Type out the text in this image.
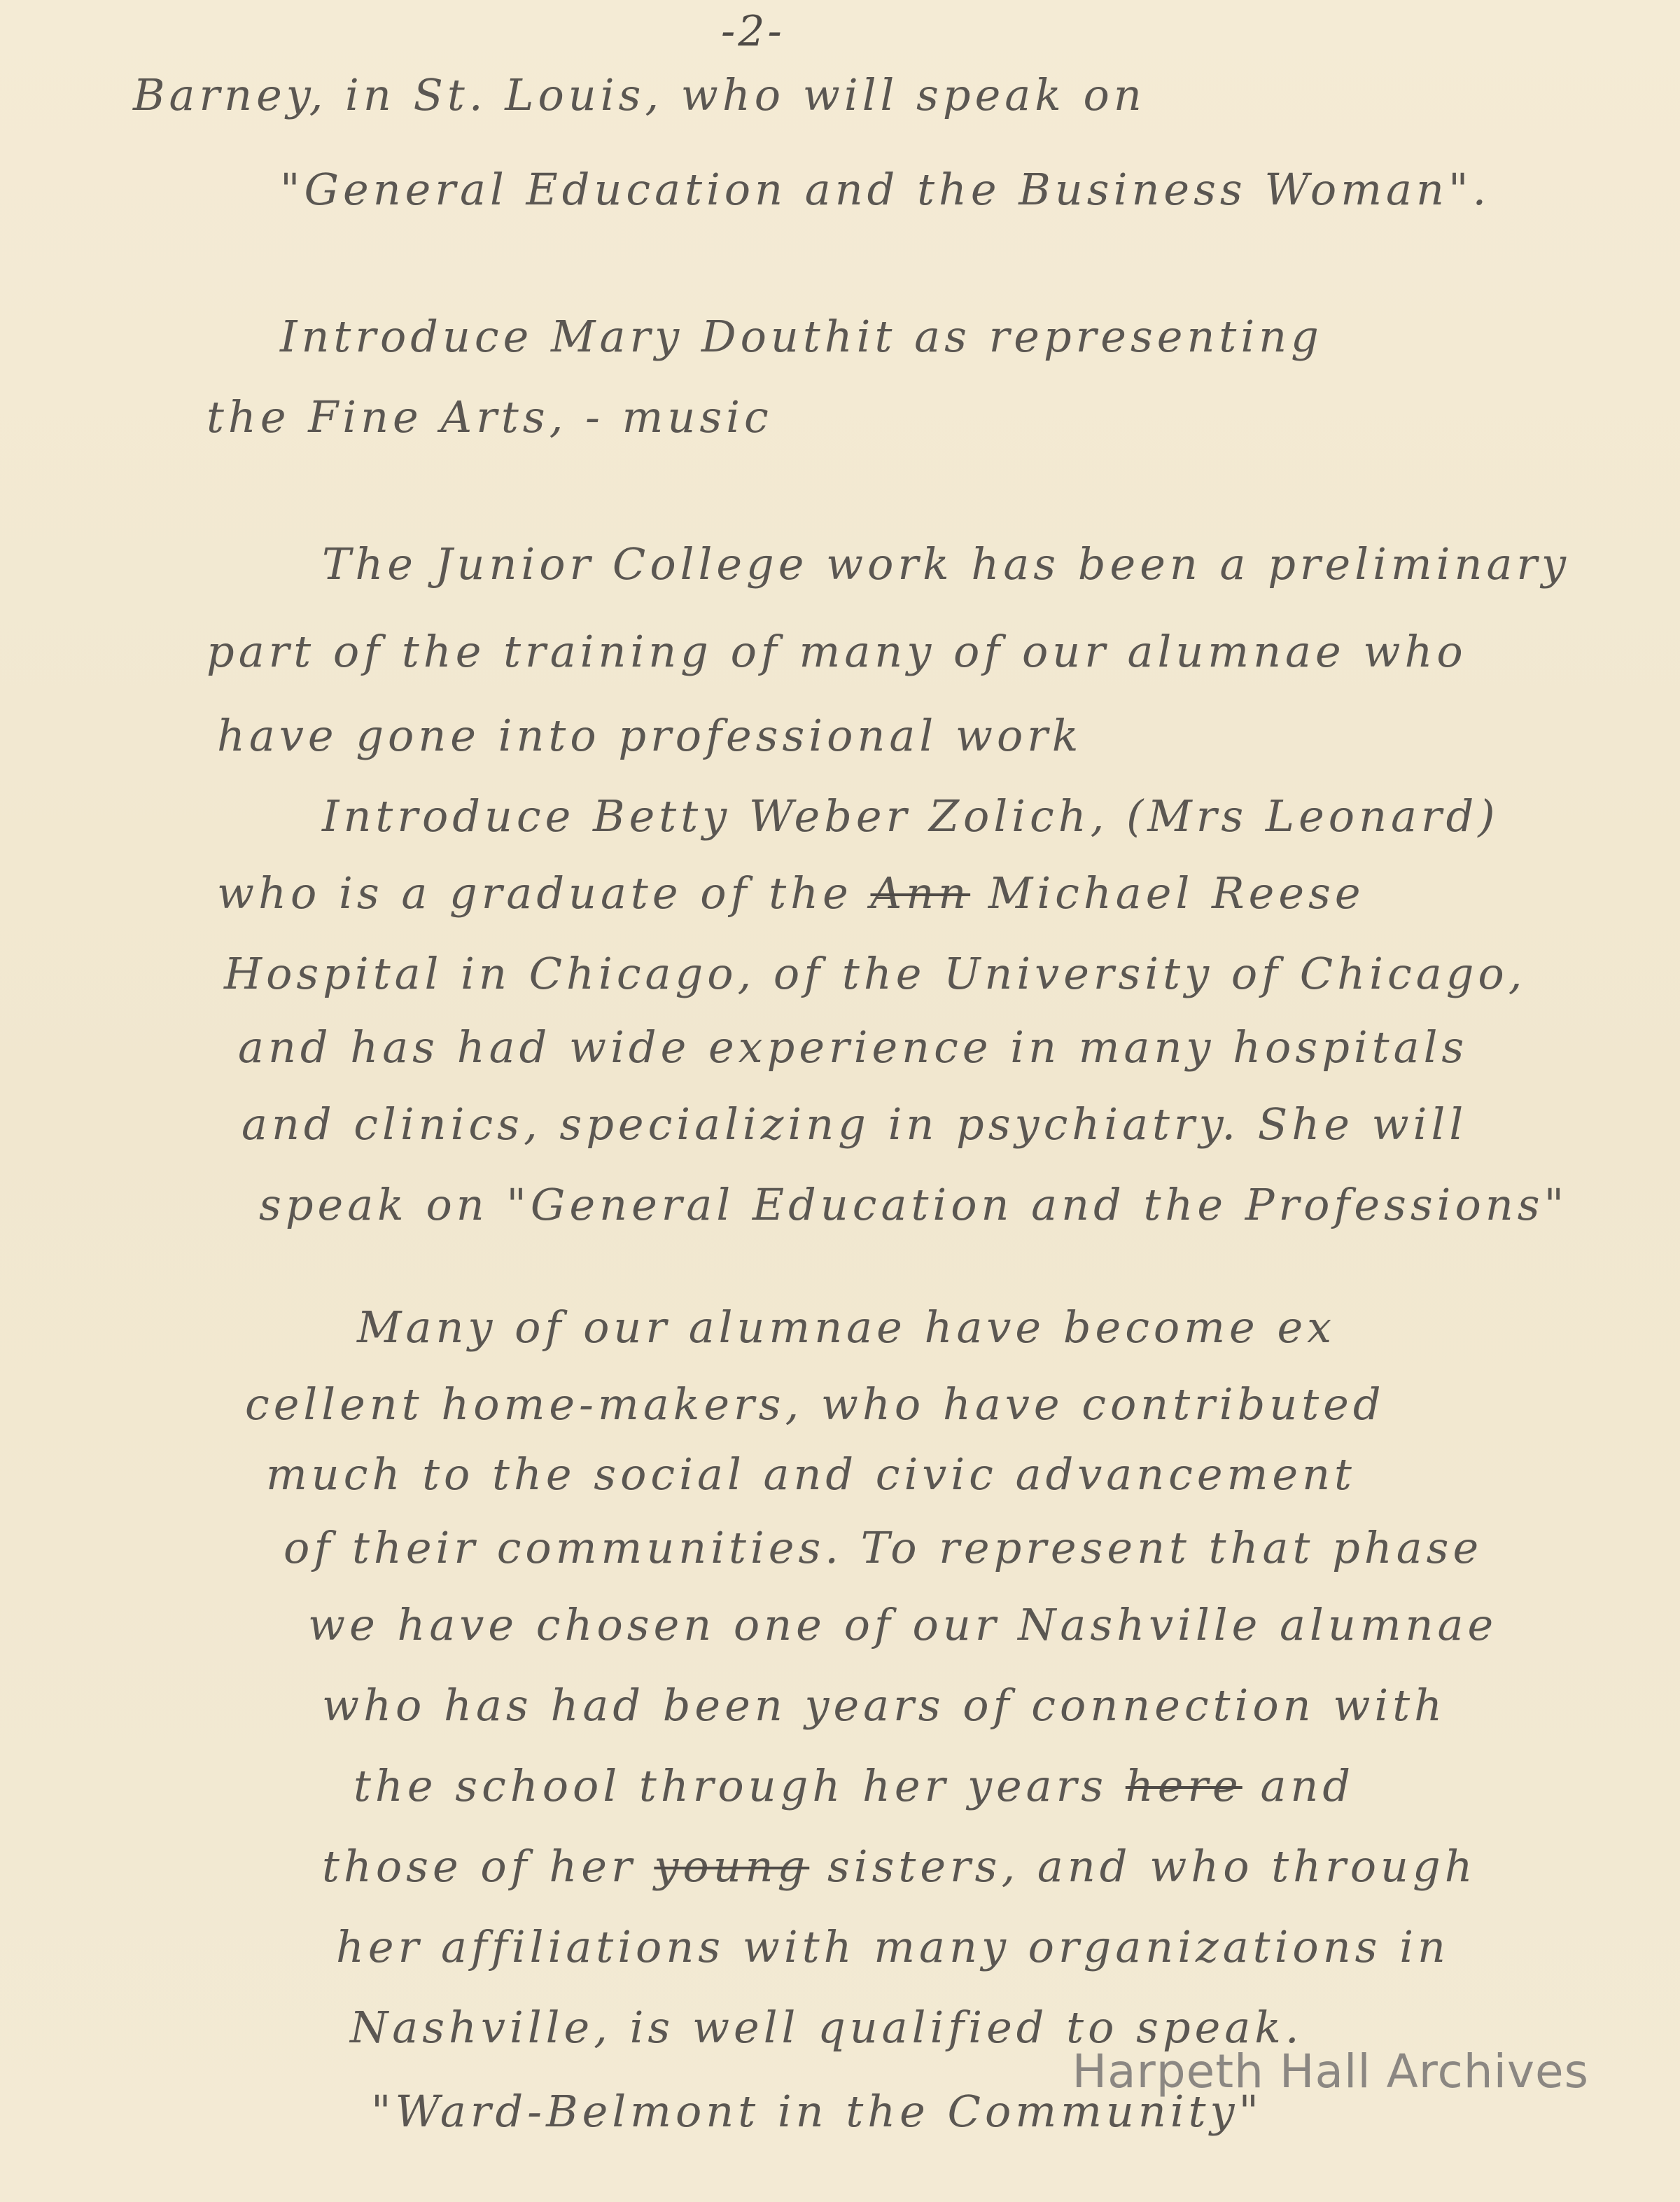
-2-
Barney, in St. Louis, who will speak on
"General Education and the Business Woman".
Introduce Mary Douthit as representing
the Fine Arts, - music
The Junior College work has been a preliminary
part of the training of many of our alumnae who
have gone into professional work
Introduce Betty Weber Zolich, (Mrs Leonard)
who is a graduate of the Ann Michael Reese
Hospital in Chicago, of the University of Chicago,
and has had wide experience in many hospitals
and clinics, specializing in psychiatry. She will
speak on "General Education and the Professions"
Many of our alumnae have become ex
cellent home-makers, who have contributed
much to the social and civic advancement
of their communities. To represent that phase
we have chosen one of our Nashville alumnae
who has had been years of connection with
the school through her years here and
those of her young sisters, and who through
her affiliations with many organizations in
Nashville, is well qualified to speak.
"Ward-Belmont in the Community"
Harpeth Hall Archives
